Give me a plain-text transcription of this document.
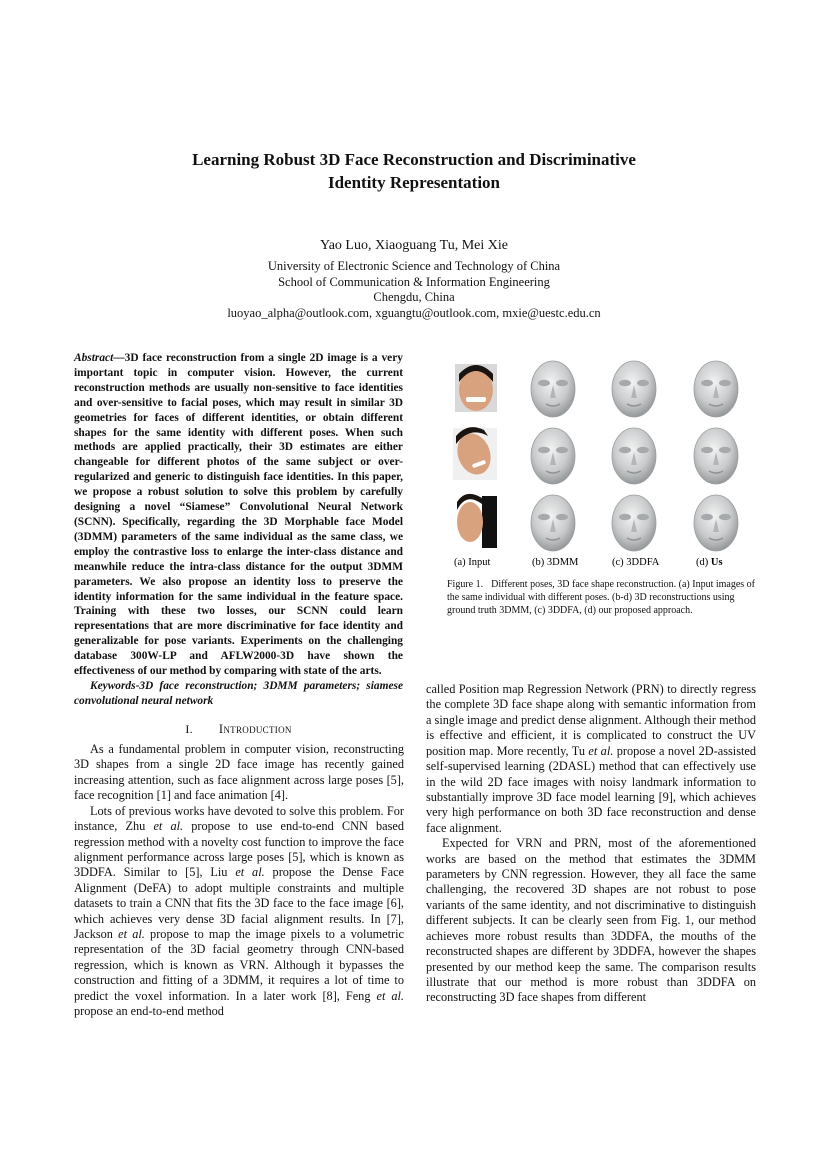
Learning Robust 3D Face Reconstruction and Discriminative
Identity Representation
Yao Luo, Xiaoguang Tu, Mei Xie
University of Electronic Science and Technology of China
School of Communication & Information Engineering
Chengdu, China
luoyao_alpha@outlook.com, xguangtu@outlook.com, mxie@uestc.edu.cn

Abstract—3D face reconstruction from a single 2D image is a very important topic in computer vision. However, the current reconstruction methods are usually non-sensitive to face identities and over-sensitive to facial poses, which may result in similar 3D geometries for faces of different identities, or obtain different shapes for the same identity with different poses. When such methods are applied practically, their 3D estimates are either changeable for different photos of the same subject or over-regularized and generic to distinguish face identities. In this paper, we propose a robust solution to solve this problem by carefully designing a novel “Siamese” Convolutional Neural Network (SCNN). Specifically, regarding the 3D Morphable face Model (3DMM) parameters of the same individual as the same class, we employ the contrastive loss to enlarge the inter-class distance and meanwhile reduce the intra-class distance for the output 3DMM parameters. We also propose an identity loss to preserve the identity information for the same individual in the feature space. Training with these two losses, our SCNN could learn representations that are more discriminative for face identity and generalizable for pose variants. Experiments on the challenging database 300W-LP and AFLW2000-3D have shown the effectiveness of our method by comparing with state of the arts.

Keywords-3D face reconstruction; 3DMM parameters; siamese convolutional neural network

I. Introduction

As a fundamental problem in computer vision, reconstructing 3D shapes from a single 2D face image has recently gained increasing attention, such as face alignment across large poses [5], face recognition [1] and face animation [4].

Lots of previous works have devoted to solve this problem. For instance, Zhu et al. propose to use end-to-end CNN based regression method with a novelty cost function to improve the face alignment performance across large poses [5], which is known as 3DDFA. Similar to [5], Liu et al. propose the Dense Face Alignment (DeFA) to adopt multiple constraints and multiple datasets to train a CNN that fits the 3D face to the face image [6], which achieves very dense 3D facial alignment results. In [7], Jackson et al. propose to map the image pixels to a volumetric representation of the 3D facial geometry through CNN-based regression, which is known as VRN. Although it bypasses the construction and fitting of a 3DMM, it requires a lot of time to predict the voxel information. In a later work [8], Feng et al. propose an end-to-end method

(a) Input	(b) 3DMM	(c) 3DDFA	(d) Us

Figure 1. Different poses, 3D face shape reconstruction. (a) Input images of the same individual with different poses. (b-d) 3D reconstructions using ground truth 3DMM, (c) 3DDFA, (d) our proposed approach.

called Position map Regression Network (PRN) to directly regress the complete 3D face shape along with semantic information from a single image and predict dense alignment. Although their method is effective and efficient, it is complicated to construct the UV position map. More recently, Tu et al. propose a novel 2D-assisted self-supervised learning (2DASL) method that can effectively use in the wild 2D face images with noisy landmark information to substantially improve 3D face model learning [9], which achieves very high performance on both 3D face reconstruction and dense face alignment.

Expected for VRN and PRN, most of the aforementioned works are based on the method that estimates the 3DMM parameters by CNN regression. However, they all face the same challenging, the recovered 3D shapes are not robust to pose variants of the same identity, and not discriminative to distinguish different subjects. It can be clearly seen from Fig. 1, our method achieves more robust results than 3DDFA, the mouths of the reconstructed shapes are different by 3DDFA, however the shapes presented by our method keep the same. The comparison results illustrate that our method is more robust than 3DDFA on reconstructing 3D face shapes from different
